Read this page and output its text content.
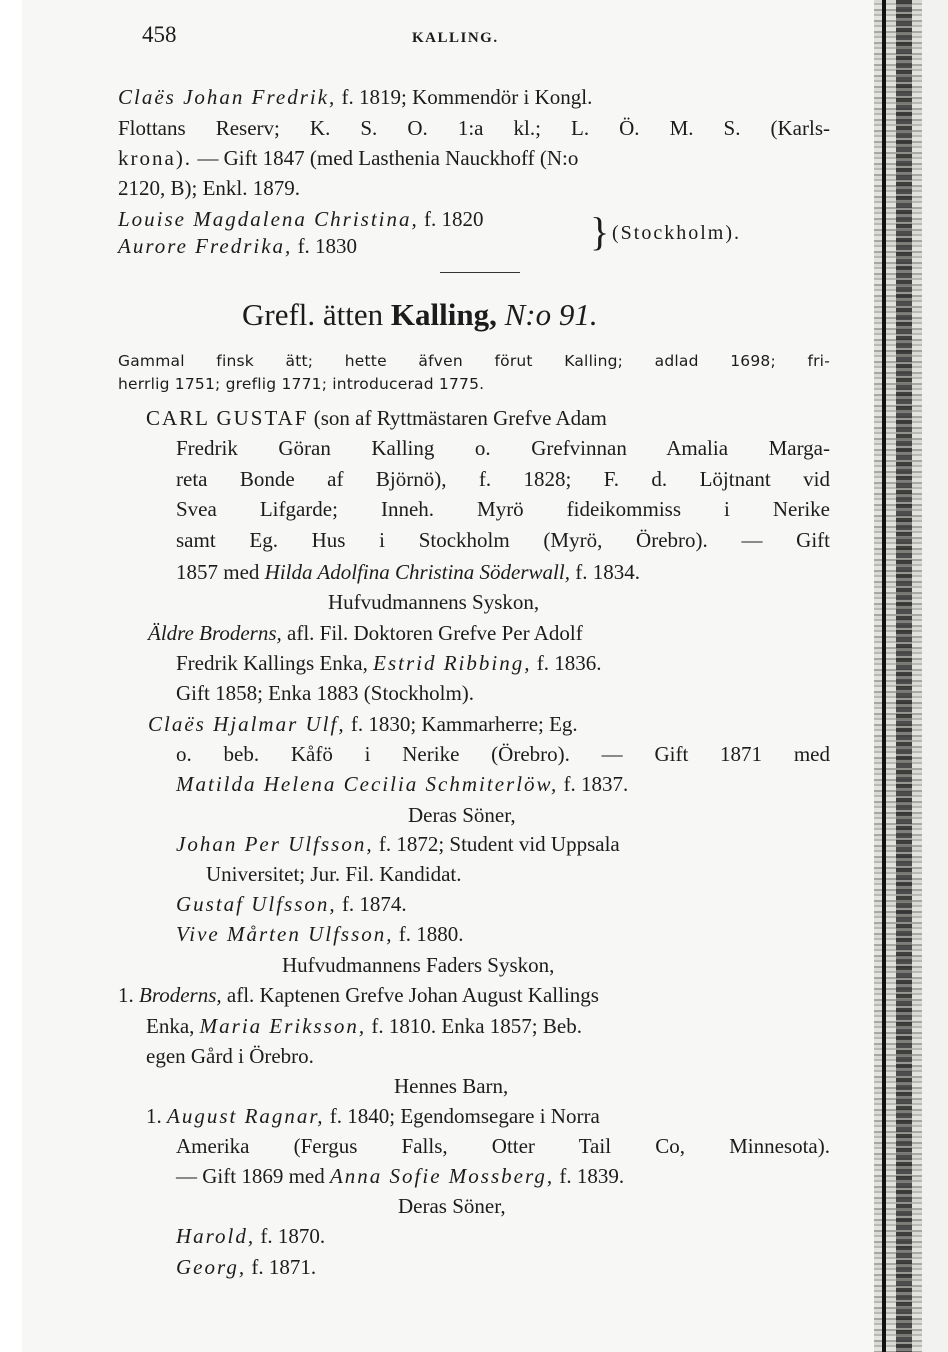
458	KALLING.
Claës Johan Fredrik, f. 1819; Kommendör i Kongl.
Flottans Reserv; K. S. O. 1:a kl.; L. Ö. M. S. (Karls-
krona). — Gift 1847 (med Lasthenia Nauckhoff (N:o
2120, B); Enkl. 1879.
Louise Magdalena Christina, f. 1820
Aurore Fredrika, f. 1830	} (Stockholm).
Grefl. ätten Kalling, N:o 91.
Gammal finsk ätt; hette äfven förut Kalling; adlad 1698; fri-
herrlig 1751; greflig 1771; introducerad 1775.
CARL GUSTAF (son af Ryttmästaren Grefve Adam
Fredrik Göran Kalling o. Grefvinnan Amalia Marga-
reta Bonde af Björnö), f. 1828; F. d. Löjtnant vid
Svea Lifgarde; Inneh. Myrö fideikommiss i Nerike
samt Eg. Hus i Stockholm (Myrö, Örebro). — Gift
1857 med Hilda Adolfina Christina Söderwall, f. 1834.
Hufvudmannens Syskon,
Äldre Broderns, afl. Fil. Doktoren Grefve Per Adolf
Fredrik Kallings Enka, Estrid Ribbing, f. 1836.
Gift 1858; Enka 1883 (Stockholm).
Claës Hjalmar Ulf, f. 1830; Kammarherre; Eg.
o. beb. Kåfö i Nerike (Örebro). — Gift 1871 med
Matilda Helena Cecilia Schmiterlöw, f. 1837.
Deras Söner,
Johan Per Ulfsson, f. 1872; Student vid Uppsala
Universitet; Jur. Fil. Kandidat.
Gustaf Ulfsson, f. 1874.
Vive Mårten Ulfsson, f. 1880.
Hufvudmannens Faders Syskon,
1. Broderns, afl. Kaptenen Grefve Johan August Kallings
Enka, Maria Eriksson, f. 1810. Enka 1857; Beb.
egen Gård i Örebro.
Hennes Barn,
1. August Ragnar, f. 1840; Egendomsegare i Norra
Amerika (Fergus Falls, Otter Tail Co, Minnesota).
— Gift 1869 med Anna Sofie Mossberg, f. 1839.
Deras Söner,
Harold, f. 1870.
Georg, f. 1871.
